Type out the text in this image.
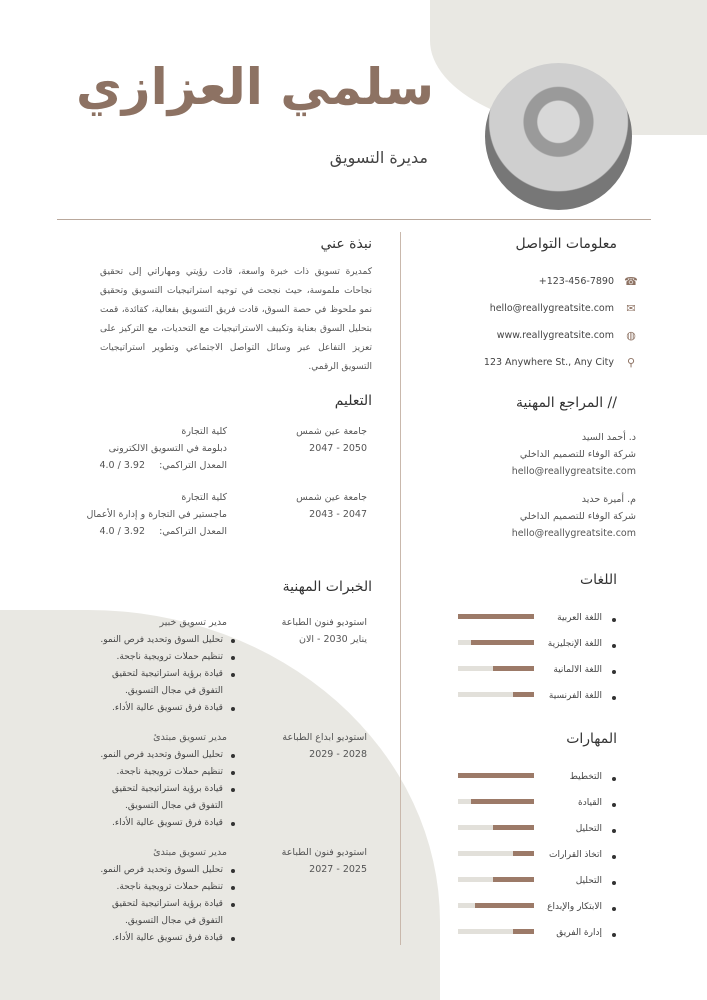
سلمي العزازي
مديرة التسويق
معلومات التواصل
+123-456-7890 ☎
hello@reallygreatsite.com ✉
www.reallygreatsite.com ◍
123 Anywhere St., Any City ⚲
نبذة عني
كمديرة تسويق ذات خبرة واسعة، قادت رؤيتي ومهاراتي إلى تحقيق نجاحات ملموسة، حيث نجحت في توجيه استراتيجيات التسويق وتحقيق نمو ملحوظ في حصة السوق، قادت فريق التسويق بفعالية، كقائدة، قمت بتحليل السوق بعناية وتكييف الاستراتيجيات مع التحديات، مع التركيز على تعزيز التفاعل عبر وسائل التواصل الاجتماعي وتطوير استراتيجيات التسويق الرقمي.
// المراجع المهنية
د. أحمد السيد
شركة الوفاء للتصميم الداخلي
hello@reallygreatsite.com
م. أميرة حديد
شركة الوفاء للتصميم الداخلي
hello@reallygreatsite.com
التعليم
جامعة عين شمس
2047 - 2050
كلية التجارة
دبلومة في التسويق الالكترونى
المعدل التراكمي:
4.0 / 3.92
جامعة عين شمس
2043 - 2047
كلية التجارة
ماجستير في التجارة و إدارة الأعمال
المعدل التراكمي:
4.0 / 3.92
الخبرات المهنية
استوديو فنون الطباعة
يناير 2030 - الان
مدير تسويق خبير
تحليل السوق وتحديد فرص النمو.
تنظيم حملات ترويجية ناجحة.
قيادة برؤية استراتيجية لتحقيق التفوق في مجال التسويق.
قيادة فرق تسويق عالية الأداء.
استوديو ابداع الطباعة
2028 - 2029
مدير تسويق مبتدئ
تحليل السوق وتحديد فرص النمو.
تنظيم حملات ترويجية ناجحة.
قيادة برؤية استراتيجية لتحقيق التفوق في مجال التسويق.
قيادة فرق تسويق عالية الأداء.
استوديو فنون الطباعة
2025 - 2027
مدير تسويق مبتدئ
تحليل السوق وتحديد فرص النمو.
تنظيم حملات ترويجية ناجحة.
قيادة برؤية استراتيجية لتحقيق التفوق في مجال التسويق.
قيادة فرق تسويق عالية الأداء.
اللغات
اللغة العربية
اللغة الإنجليزية
اللغة الالمانية
اللغة الفرنسية
المهارات
التخطيط
القيادة
التحليل
اتخاذ القرارات
التحليل
الابتكار والإبداع
إدارة الفريق
